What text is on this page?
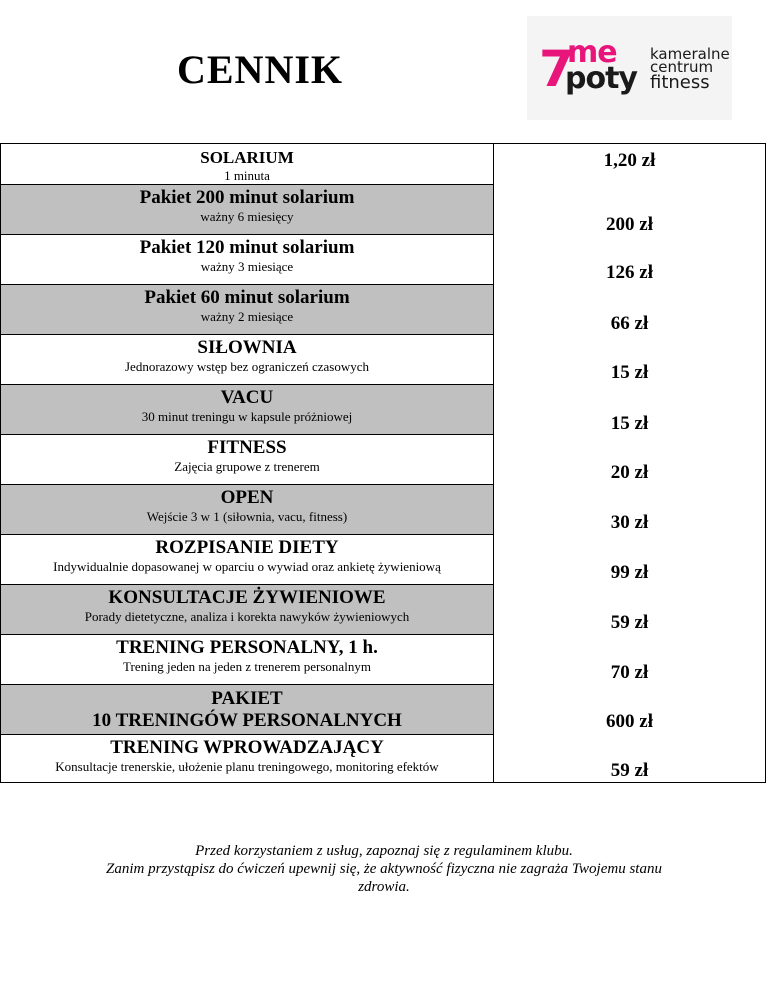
CENNIK	7
me
poty
kameralne
centrum
fitness
SOLARIUM
1 minuta
1,20 zł
Pakiet 200 minut solarium
ważny 6 miesięcy	200 zł
Pakiet 120 minut solarium
ważny 3 miesiące	126 zł
Pakiet 60 minut solarium
ważny 2 miesiące	66 zł
SIŁOWNIA
Jednorazowy wstęp bez ograniczeń czasowych	15 zł
VACU
30 minut treningu w kapsule próżniowej	15 zł
FITNESS
Zajęcia grupowe z trenerem	20 zł
OPEN
Wejście 3 w 1 (siłownia, vacu, fitness)	30 zł
ROZPISANIE DIETY
Indywidualnie dopasowanej w oparciu o wywiad oraz ankietę żywieniową	99 zł
KONSULTACJE ŻYWIENIOWE
Porady dietetyczne, analiza i korekta nawyków żywieniowych	59 zł
TRENING PERSONALNY, 1 h.
Trening jeden na jeden z trenerem personalnym	70 zł
PAKIET
10 TRENINGÓW PERSONALNYCH	600 zł
TRENING WPROWADZAJĄCY
Konsultacje trenerskie, ułożenie planu treningowego, monitoring efektów	59 zł
Przed korzystaniem z usług, zapoznaj się z regulaminem klubu.
Zanim przystąpisz do ćwiczeń upewnij się, że aktywność fizyczna nie zagraża Twojemu stanu
zdrowia.
